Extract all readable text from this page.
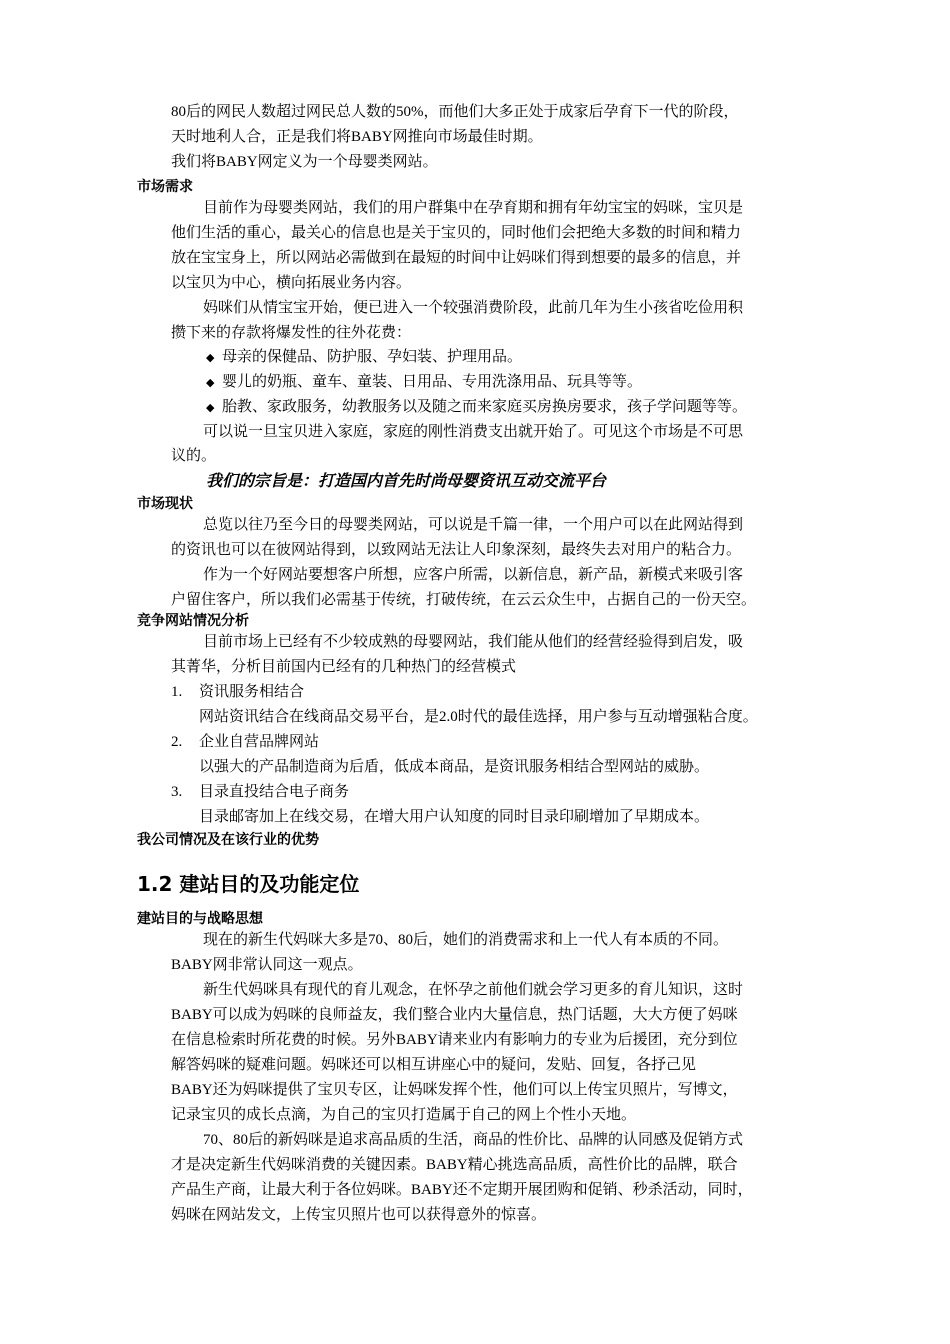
80后的网民人数超过网民总人数的50%，而他们大多正处于成家后孕育下一代的阶段，
天时地利人合，正是我们将BABY网推向市场最佳时期。
我们将BABY网定义为一个母婴类网站。
市场需求
目前作为母婴类网站，我们的用户群集中在孕育期和拥有年幼宝宝的妈咪，宝贝是
他们生活的重心，最关心的信息也是关于宝贝的，同时他们会把绝大多数的时间和精力
放在宝宝身上，所以网站必需做到在最短的时间中让妈咪们得到想要的最多的信息，并
以宝贝为中心，横向拓展业务内容。
妈咪们从情宝宝开始，便已进入一个较强消费阶段，此前几年为生小孩省吃俭用积
攒下来的存款将爆发性的往外花费：
◆ 母亲的保健品、防护服、孕妇装、护理用品。
◆ 婴儿的奶瓶、童车、童装、日用品、专用洗涤用品、玩具等等。
◆ 胎教、家政服务，幼教服务以及随之而来家庭买房换房要求，孩子学问题等等。
可以说一旦宝贝进入家庭，家庭的刚性消费支出就开始了。可见这个市场是不可思
议的。
我们的宗旨是：打造国内首先时尚母婴资讯互动交流平台
市场现状
总览以往乃至今日的母婴类网站，可以说是千篇一律，一个用户可以在此网站得到
的资讯也可以在彼网站得到，以致网站无法让人印象深刻，最终失去对用户的粘合力。
作为一个好网站要想客户所想，应客户所需，以新信息，新产品，新模式来吸引客
户留住客户，所以我们必需基于传统，打破传统，在云云众生中，占据自己的一份天空。
竞争网站情况分析
目前市场上已经有不少较成熟的母婴网站，我们能从他们的经营经验得到启发，吸
其菁华，分析目前国内已经有的几种热门的经营模式
1. 资讯服务相结合
网站资讯结合在线商品交易平台，是2.0时代的最佳选择，用户参与互动增强粘合度。
2. 企业自营品牌网站
以强大的产品制造商为后盾，低成本商品，是资讯服务相结合型网站的威胁。
3. 目录直投结合电子商务
目录邮寄加上在线交易，在增大用户认知度的同时目录印刷增加了早期成本。
我公司情况及在该行业的优势
1.2 建站目的及功能定位
建站目的与战略思想
现在的新生代妈咪大多是70、80后，她们的消费需求和上一代人有本质的不同。
BABY网非常认同这一观点。
新生代妈咪具有现代的育儿观念，在怀孕之前他们就会学习更多的育儿知识，这时
BABY可以成为妈咪的良师益友，我们整合业内大量信息，热门话题，大大方便了妈咪
在信息检索时所花费的时候。另外BABY请来业内有影响力的专业为后援团，充分到位
解答妈咪的疑难问题。妈咪还可以相互讲座心中的疑问，发贴、回复，各抒己见
BABY还为妈咪提供了宝贝专区，让妈咪发挥个性，他们可以上传宝贝照片，写博文，
记录宝贝的成长点滴，为自己的宝贝打造属于自己的网上个性小天地。
70、80后的新妈咪是追求高品质的生活，商品的性价比、品牌的认同感及促销方式
才是决定新生代妈咪消费的关键因素。BABY精心挑选高品质，高性价比的品牌，联合
产品生产商，让最大利于各位妈咪。BABY还不定期开展团购和促销、秒杀活动，同时，
妈咪在网站发文，上传宝贝照片也可以获得意外的惊喜。
